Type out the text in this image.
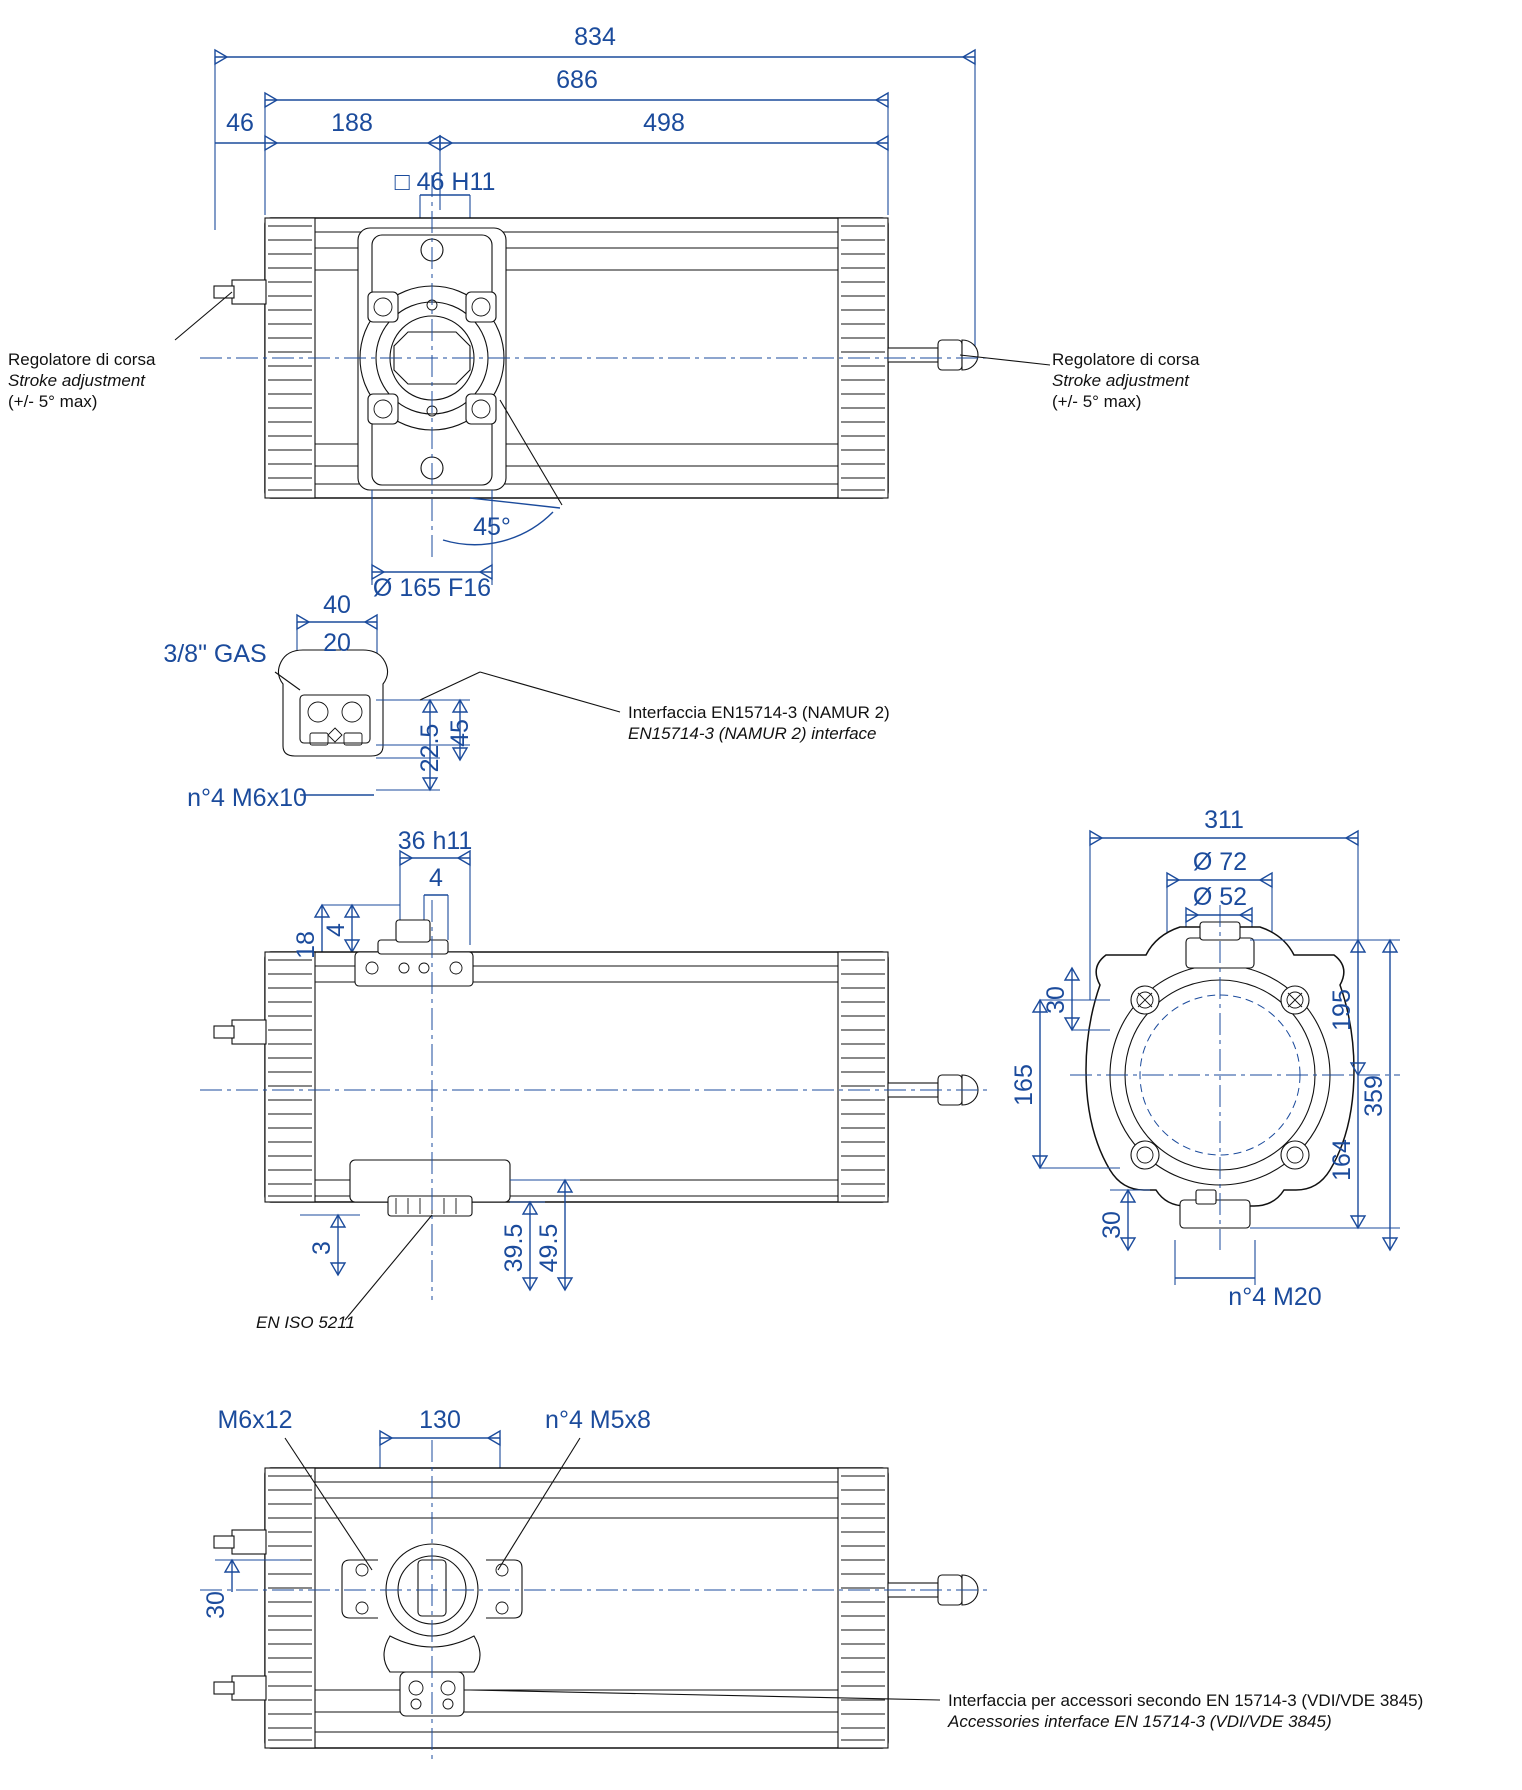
834
686
46	188	498
□ 46 H11
Ø 165 F16
45°
40
20
45
22.5
3/8" GAS
n°4 M6x10
36 h11
4
18
4
3	39.5 49.5
311
Ø 72
Ø 52
30
165
195
359
164
30
n°4 M20
130
30
M6x12	n°4 M5x8
Regolatore di corsa
Stroke adjustment
(+/- 5° max)
Regolatore di corsa
Stroke adjustment
(+/- 5° max)
Interfaccia EN15714-3 (NAMUR 2)
EN15714-3 (NAMUR 2) interface
EN ISO 5211
Interfaccia per accessori secondo EN 15714-3 (VDI/VDE 3845)
Accessories interface EN 15714-3 (VDI/VDE 3845)
